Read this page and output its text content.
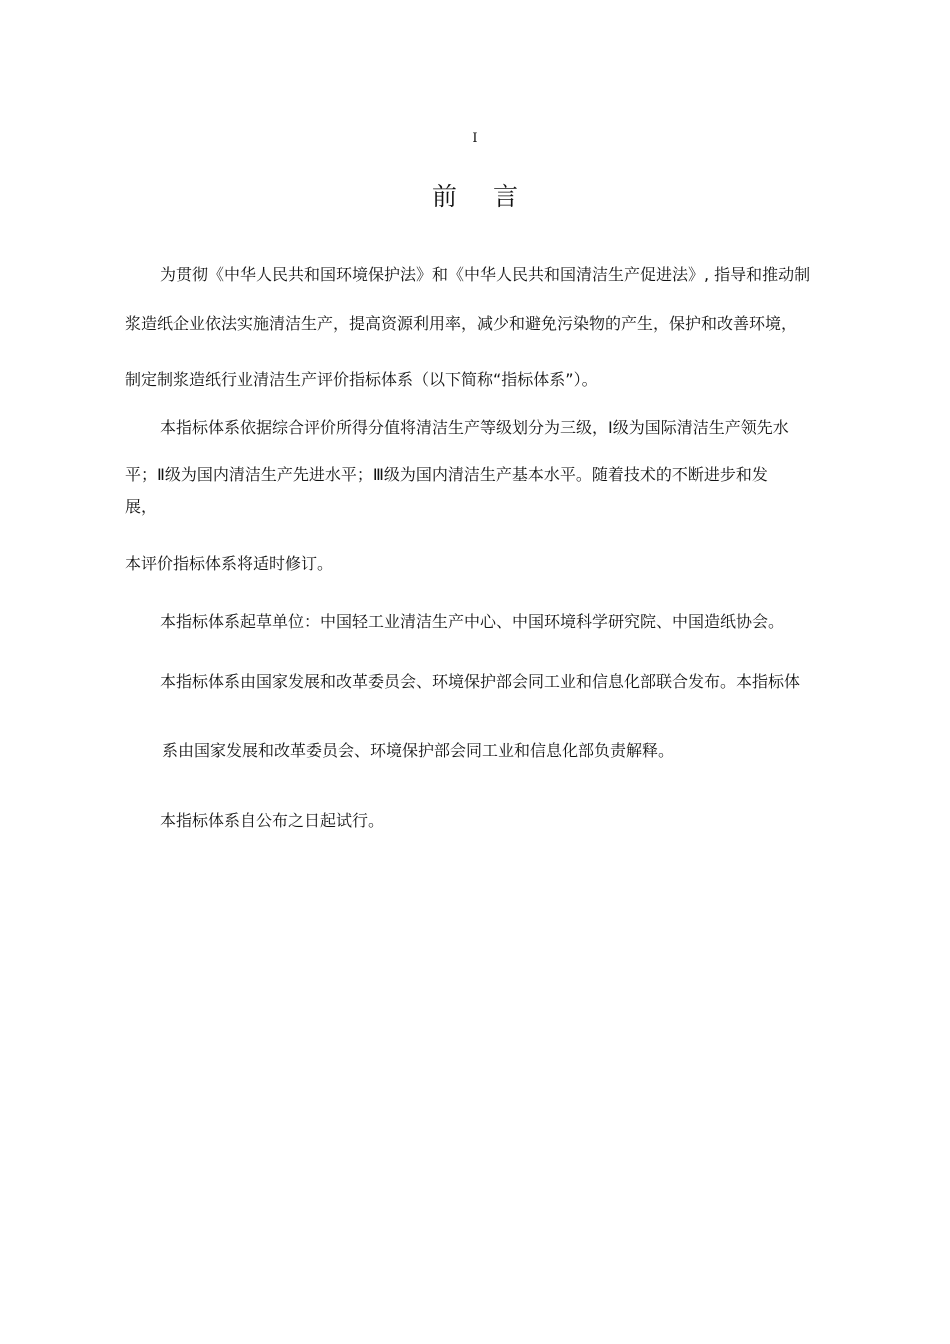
I
前 言

为贯彻《中华人民共和国环境保护法》和《中华人民共和国清洁生产促进法》, 指导和推动制

浆造纸企业依法实施清洁生产，提高资源利用率，减少和避免污染物的产生，保护和改善环境，

制定制浆造纸行业清洁生产评价指标体系（以下简称“指标体系”）。

本指标体系依据综合评价所得分值将清洁生产等级划分为三级，Ⅰ级为国际清洁生产领先水

平；Ⅱ级为国内清洁生产先进水平；Ⅲ级为国内清洁生产基本水平。随着技术的不断进步和发

展，

本评价指标体系将适时修订。

本指标体系起草单位：中国轻工业清洁生产中心、中国环境科学研究院、中国造纸协会。

本指标体系由国家发展和改革委员会、环境保护部会同工业和信息化部联合发布。本指标体

系由国家发展和改革委员会、环境保护部会同工业和信息化部负责解释。

本指标体系自公布之日起试行。
